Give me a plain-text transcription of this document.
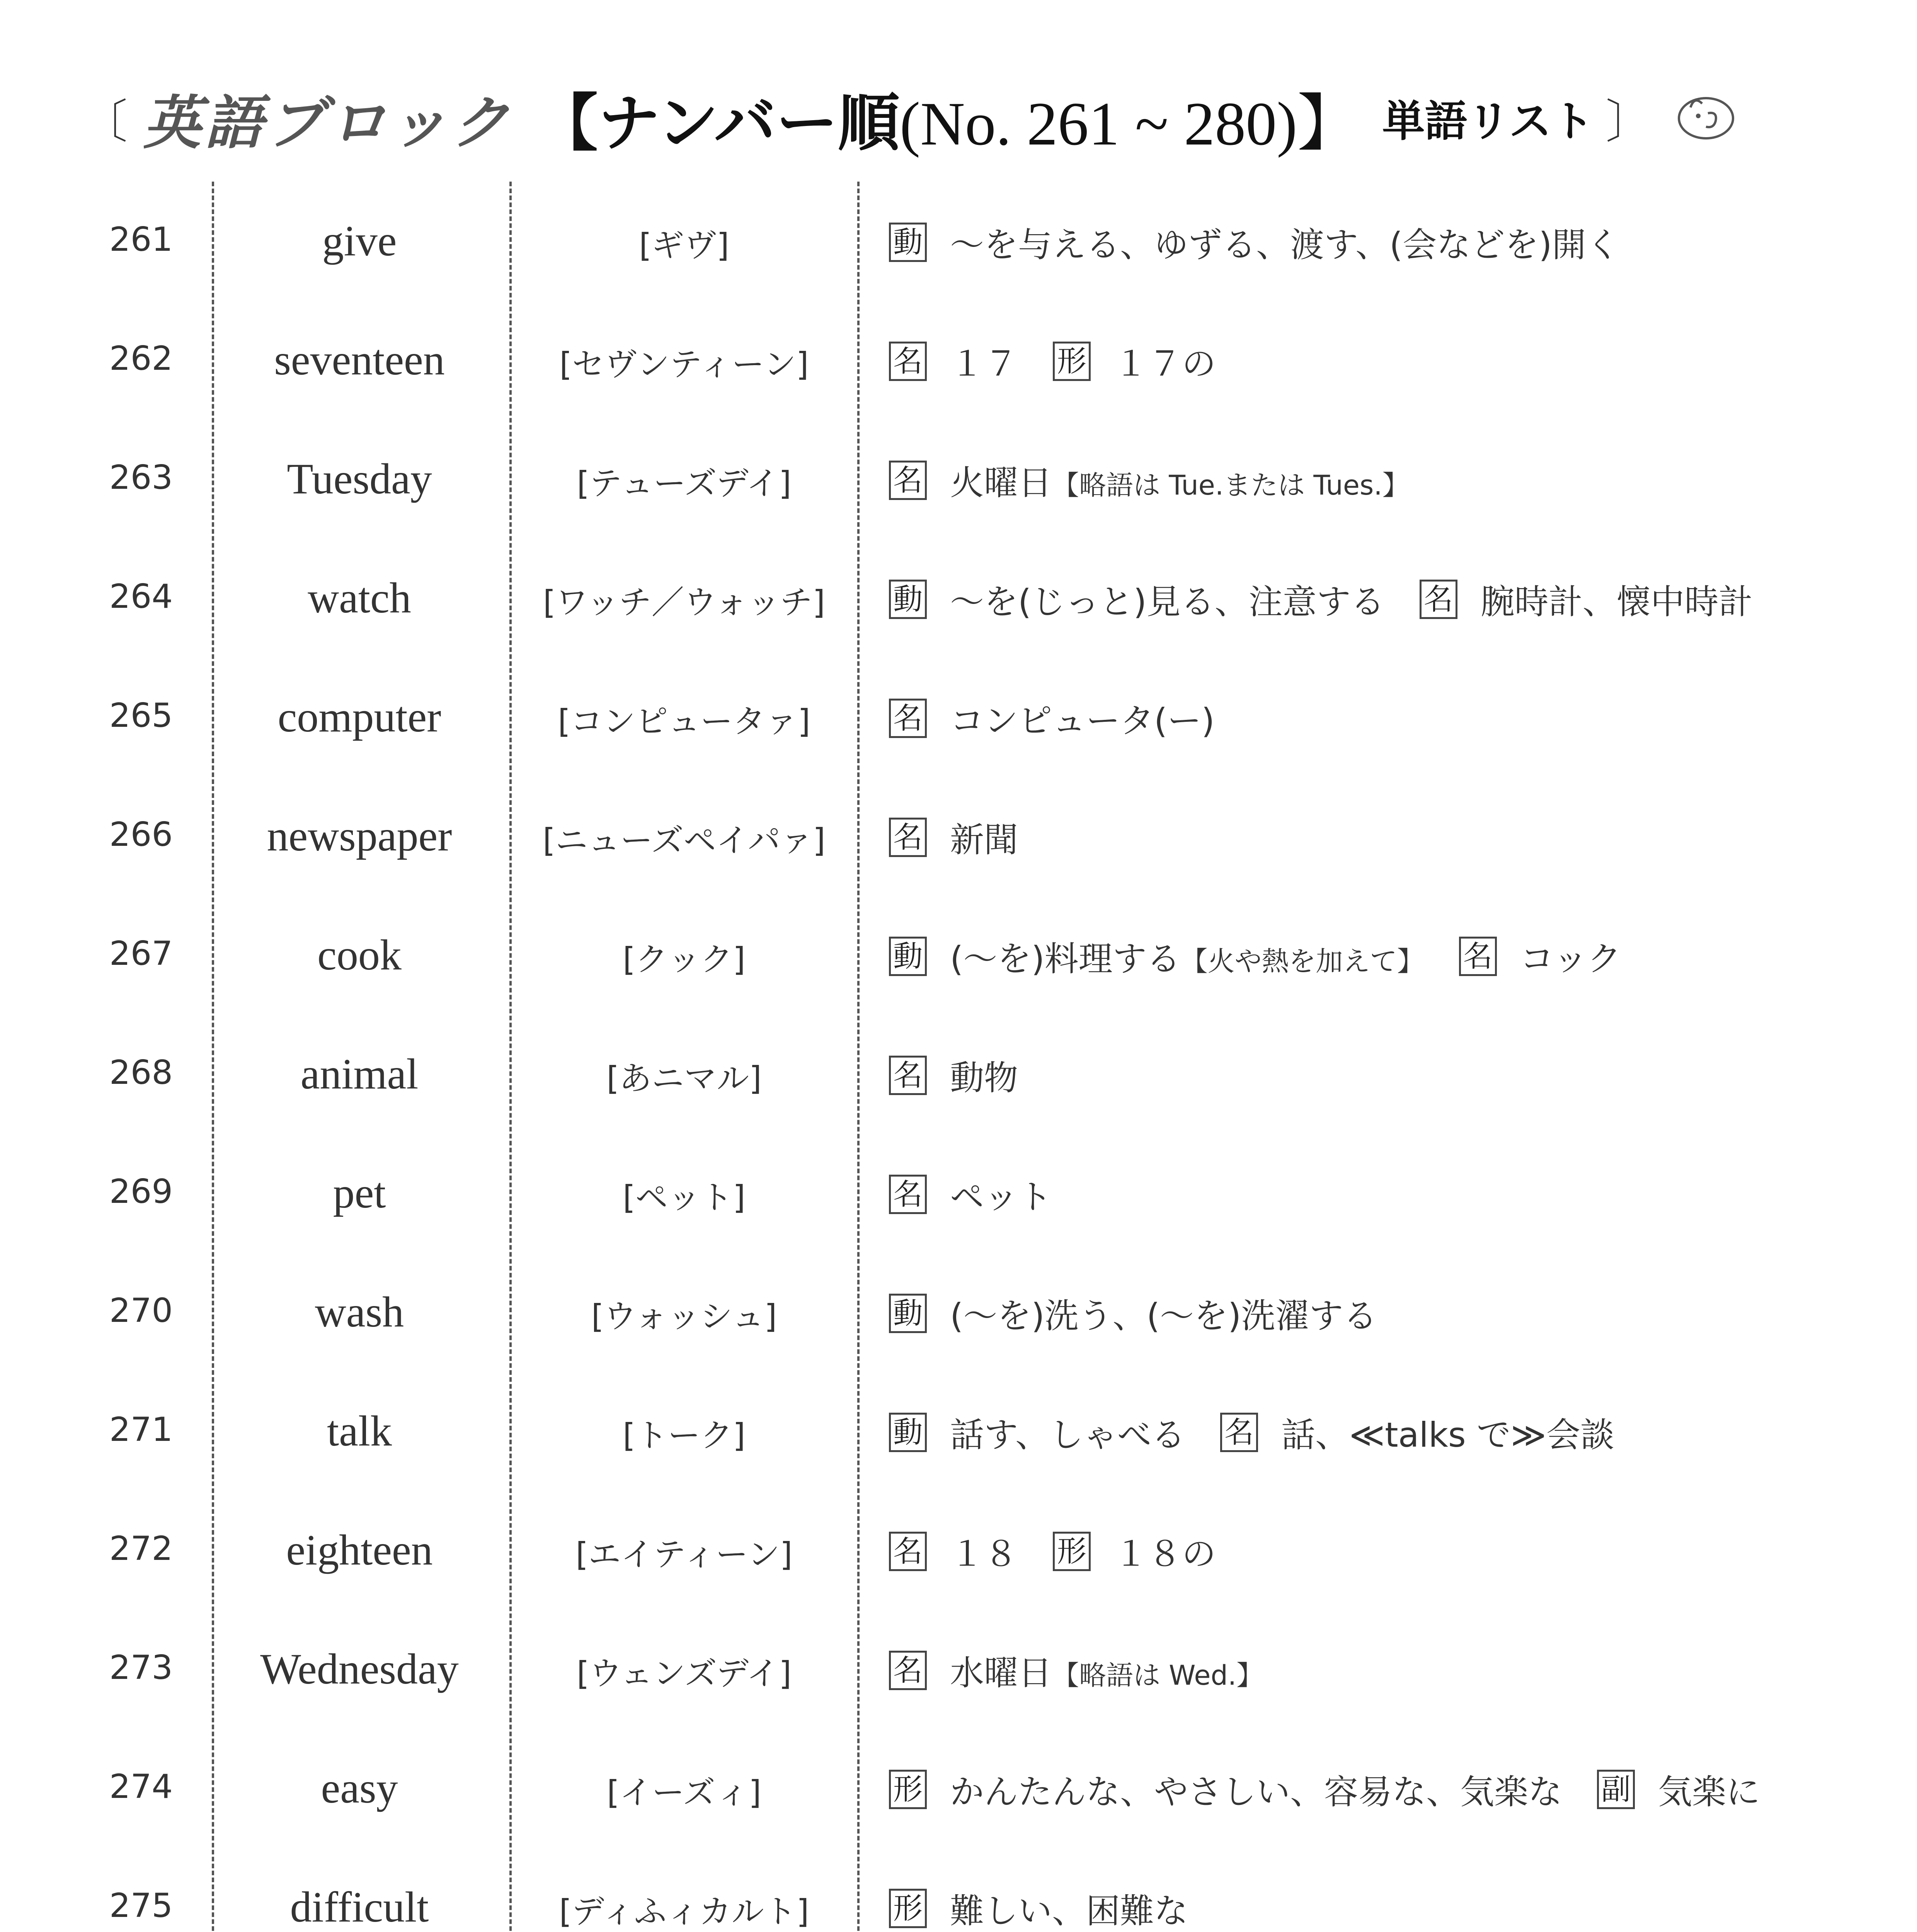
〔 英語ブロック 【ナンバー順 (No. 261 ~ 280)】 単語リスト 〕
261	give	[ギヴ]	動 ～を与える、ゆずる、渡す、(会などを)開く
262	seventeen	[セヴンティーン]	名 １７ 形 １７の
263	Tuesday	[テューズデイ]	名 火曜日【略語は Tue.または Tues.】
264	watch	[ワッチ／ウォッチ]	動 ～を(じっと)見る、注意する 名 腕時計、懐中時計
265	computer	[コンピュータァ]	名 コンピュータ(ー)
266	newspaper	[ニューズペイパァ]	名 新聞
267	cook	[クック]	動 (～を)料理する【火や熱を加えて】 名 コック
268	animal	[あニマル]	名 動物
269	pet	[ペット]	名 ペット
270	wash	[ウォッシュ]	動 (～を)洗う、(～を)洗濯する
271	talk	[トーク]	動 話す、しゃべる 名 話、≪talks で≫会談
272	eighteen	[エイティーン]	名 １８ 形 １８の
273	Wednesday	[ウェンズデイ]	名 水曜日【略語は Wed.】
274	easy	[イーズィ]	形 かんたんな、やさしい、容易な、気楽な 副 気楽に
275	difficult	[ディふィカルト]	形 難しい、困難な
